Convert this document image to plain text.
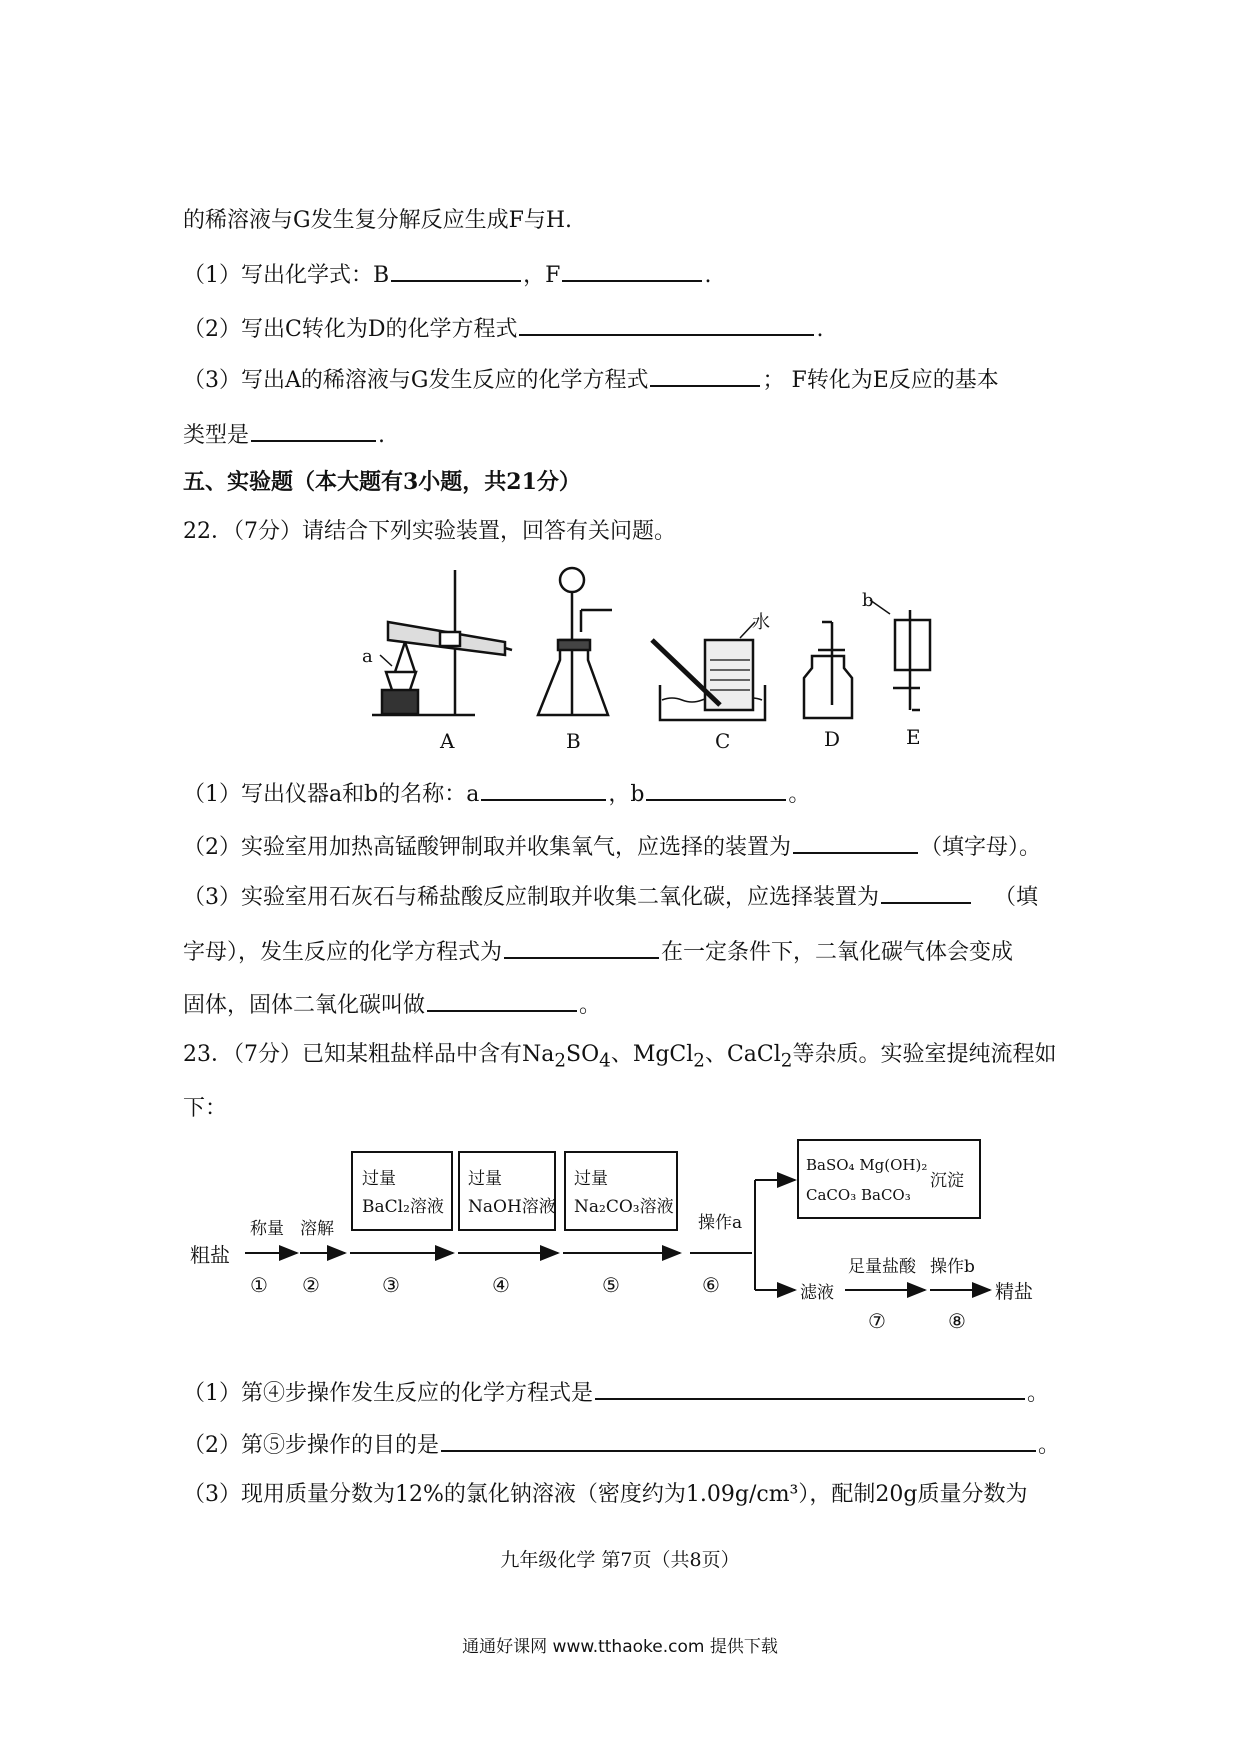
的稀溶液与G发生复分解反应生成F与H.
（1）写出化学式：B	，F	.
（2）写出C转化为D的化学方程式	.
（3）写出A的稀溶液与G发生反应的化学方程式	； F转化为E反应的基本
类型是	.
五、实验题（本大题有3小题，共21分）
22．（7分）请结合下列实验装置，回答有关问题。
a
b
水
A	B	C	D	E
（1）写出仪器a和b的名称：a	，b	。
（2）实验室用加热高锰酸钾制取并收集氧气，应选择的装置为	（填字母）。
（3）实验室用石灰石与稀盐酸反应制取并收集二氧化碳，应选择装置为	（填
字母），发生反应的化学方程式为	在一定条件下，二氧化碳气体会变成
固体，固体二氧化碳叫做	。
23．（7分）已知某粗盐样品中含有$Na_2SO_4$、MgCl$_2$、CaCl$_2$等杂质。实验室提纯流程如
下：
粗盐
称量 溶解
过量
BaCl₂溶液
过量
NaOH溶液
过量
Na₂CO₃溶液
操作a
BaSO₄ Mg(OH)₂
CaCO₃ BaCO₃
沉淀
滤液
足量盐酸 操作b
精盐
① ②	③	④	⑤	⑥
⑦	⑧
（1）第④步操作发生反应的化学方程式是	。
（2）第⑤步操作的目的是	。
（3）现用质量分数为12%的氯化钠溶液（密度约为1.09g/cm³），配制20g质量分数为
九年级化学 第7页（共8页）
通通好课网 www.tthaoke.com 提供下载
